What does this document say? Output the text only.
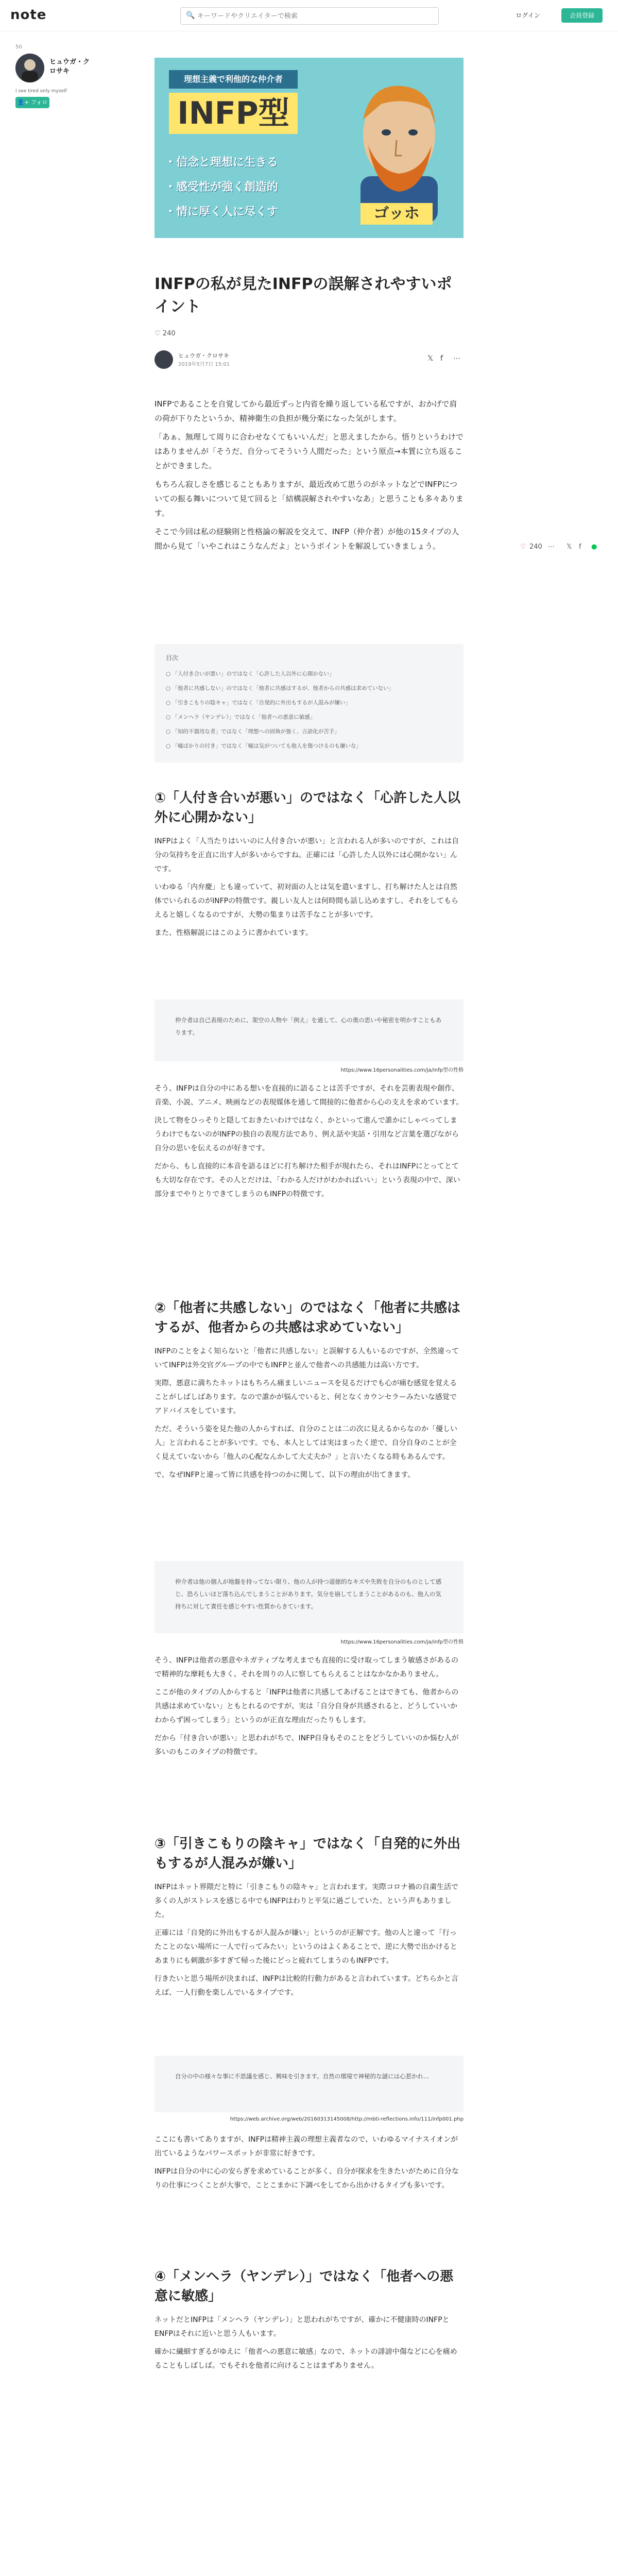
note	🔍
キーワードやクリエイターで検索	ログイン	会員登録
50
ヒュウガ・クロサキ
I see tired only myself
👤+ フォロー
理想主義で利他的な仲介者
INFP型
・信念と理想に生きる
・感受性が強く創造的
・情に厚く人に尽くす	ゴッホ
INFPの私が見たINFPの誤解されやすいポイント
♡ 240
ヒュウガ・クロサキ
2019年5月7日 15:01
𝕏 f ⋯

INFPであることを自覚してから最近ずっと内省を繰り返している私ですが、おかげで肩の荷が下りたというか、精神衛生の負担が幾分楽になった気がします。

「あぁ、無理して周りに合わせなくてもいいんだ」と思えましたから。悟りというわけではありませんが「そうだ、自分ってそういう人間だった」という原点→本質に立ち返ることができました。

もちろん寂しさを感じることもありますが、最近改めて思うのがネットなどでINFPについての振る舞いについて見て回ると「結構誤解されやすいなあ」と思うことも多々あります。

そこで今回は私の経験則と性格論の解説を交えて、INFP（仲介者）が他の15タイプの人間から見て「いやこれはこうなんだよ」というポイントを解説していきましょう。	♡ 240 ⋯ 𝕏 f ●
目次
○ 「人付き合いが悪い」のではなく「心許した人以外に心開かない」
○ 「他者に共感しない」のではなく「他者に共感はするが、他者からの共感は求めていない」
○ 「引きこもりの陰キャ」ではなく「自発的に外出もするが人混みが嫌い」
○ 「メンヘラ（ヤンデレ）」ではなく「他者への悪意に敏感」
○ 「知的不器用な者」ではなく「理想への固執が強く、言語化が苦手」
○ 「嘘ばかりの付き」ではなく「嘘は気がついても他人を傷つけるのも嫌いな」
①「人付き合いが悪い」のではなく「心許した人以外に心開かない」

INFPはよく「人当たりはいいのに人付き合いが悪い」と言われる人が多いのですが、これは自分の気持ちを正直に出す人が多いからですね。正確には「心許した人以外には心開かない」んです。

いわゆる「内弁慶」とも違っていて、初対面の人とは気を遣いますし、打ち解けた人とは自然体でいられるのがINFPの特徴です。親しい友人とは何時間も話し込めますし、それをしてもらえると嬉しくなるのですが、大勢の集まりは苦手なことが多いです。

また、性格解説にはこのように書かれています。

仲介者は自己表現のために、架空の人物や「例え」を通して、心の奥の思いや秘密を明かすこともあります。
https://www.16personalities.com/ja/infp型の性格

そう、INFPは自分の中にある想いを直接的に語ることは苦手ですが、それを芸術表現や創作、音楽、小説、アニメ、映画などの表現媒体を通して間接的に他者から心の支えを求めています。

決して物をひっそりと隠しておきたいわけではなく、かといって進んで誰かにしゃべってしまうわけでもないのがINFPの独自の表現方法であり、例え話や実話・引用など言葉を選びながら自分の思いを伝えるのが好きです。

だから、もし直接的に本音を語るほどに打ち解けた相手が現れたら、それはINFPにとってとても大切な存在です。その人とだけは、「わかる人だけがわかればいい」という表現の中で、深い部分までやりとりできてしまうのもINFPの特徴です。

②「他者に共感しない」のではなく「他者に共感はするが、他者からの共感は求めていない」

INFPのことをよく知らないと「他者に共感しない」と誤解する人もいるのですが、全然違っていてINFPは外交官グループの中でもINFPと並んで他者への共感能力は高い方です。

実際、悪意に満ちたネットはもちろん痛ましいニュースを見るだけでも心が痛む感覚を覚えることがしばしばあります。なので誰かが悩んでいると、何となくカウンセラーみたいな感覚でアドバイスをしています。

ただ、そういう姿を見た他の人からすれば、自分のことは二の次に見えるからなのか「優しい人」と言われることが多いです。でも、本人としては実はまったく逆で、自分自身のことが全く見えていないから「他人の心配なんかして大丈夫か？」と言いたくなる時もあるんです。

で、なぜINFPと違って皆に共感を持つのかに関して、以下の理由が出てきます。

仲介者は他の個人が地盤を持ってない限り、他の人が持つ道徳的なキズや失敗を自分のものとして感じ、恐ろしいほど落ち込んでしまうことがあります。気分を崩してしまうことがあるのも、他人の気持ちに対して責任を感じやすい性質からきています。
https://www.16personalities.com/ja/infp型の性格

そう、INFPは他者の悪意やネガティブな考えまでも直接的に受け取ってしまう敏感さがあるので精神的な摩耗も大きく、それを周りの人に察してもらえることはなかなかありません。

ここが他のタイプの人からすると「INFPは他者に共感してあげることはできても、他者からの共感は求めていない」ともとれるのですが、実は「自分自身が共感されると、どうしていいかわからず困ってしまう」というのが正直な理由だったりもします。

だから「付き合いが悪い」と思われがちで、INFP自身もそのことをどうしていいのか悩む人が多いのもこのタイプの特徴です。

③「引きこもりの陰キャ」ではなく「自発的に外出もするが人混みが嫌い」

INFPはネット界隈だと特に「引きこもりの陰キャ」と言われます。実際コロナ禍の自粛生活で多くの人がストレスを感じる中でもINFPはわりと平気に過ごしていた、という声もありました。

正確には「自発的に外出もするが人混みが嫌い」というのが正解です。他の人と違って「行ったことのない場所に一人で行ってみたい」というのはよくあることで、逆に大勢で出かけるとあまりにも刺激が多すぎて帰った後にどっと疲れてしまうのもINFPです。

行きたいと思う場所が決まれば、INFPは比較的行動力があると言われています。どちらかと言えば、一人行動を楽しんでいるタイプです。

自分の中の様々な事に不思議を感じ、興味を引きます。自然の環境で神秘的な謎には心惹かれ…
https://web.archive.org/web/20160313145008/http://mbti-reflections.info/111/infp001.php

ここにも書いてありますが、INFPは精神主義の理想主義者なので、いわゆるマイナスイオンが出ているようなパワースポットが非常に好きです。

INFPは自分の中に心の安らぎを求めていることが多く、自分が探求を生きたいがために自分なりの仕事につくことが大事で、ことこまかに下調べをしてから出かけるタイプも多いです。

④「メンヘラ（ヤンデレ）」ではなく「他者への悪意に敏感」

ネットだとINFPは「メンヘラ（ヤンデレ）」と思われがちですが、確かに不健康時のINFPとENFPはそれに近いと思う人もいます。

確かに繊細すぎるがゆえに「他者への悪意に敏感」なので、ネットの誹謗中傷などに心を痛めることもしばしば。でもそれを他者に向けることはまずありません。
